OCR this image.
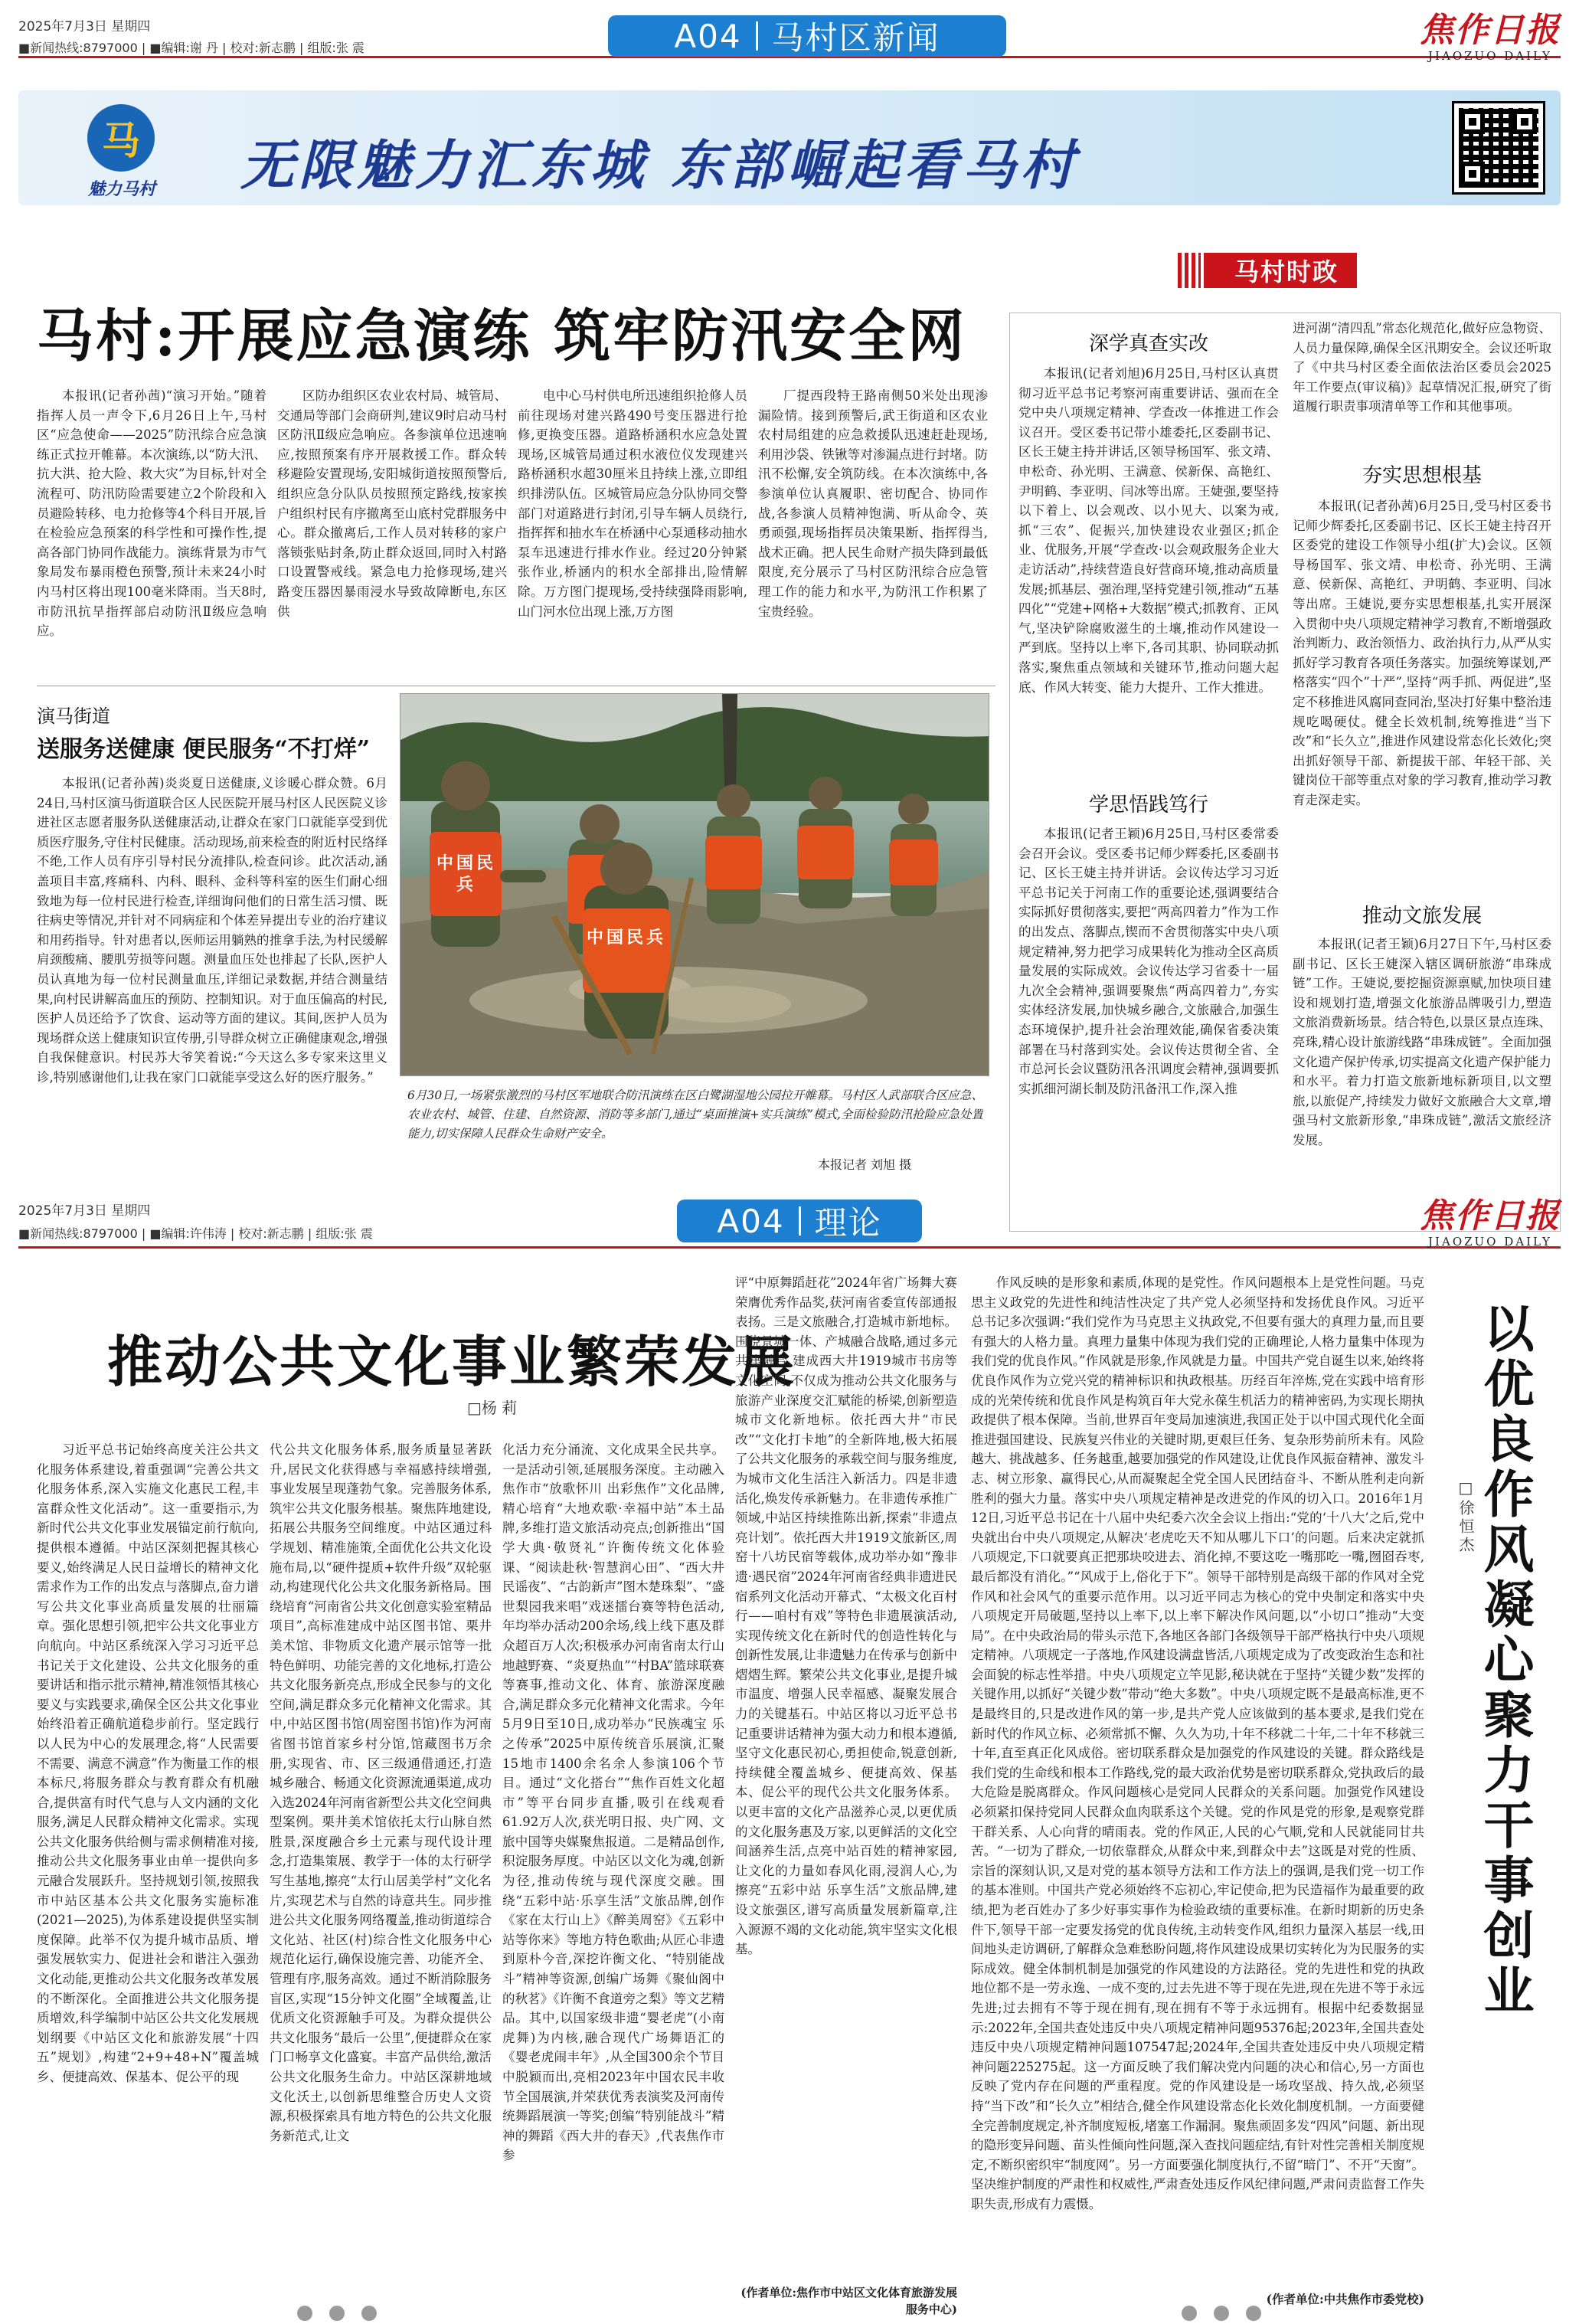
2025年7月3日 星期四
■新闻热线:8797000 | ■编辑:谢 丹 | 校对:新志鹏 | 组版:张 震	A04 马村区新闻	焦作日报
JIAOZUO DAILY
马
魅力马村	无限魅力汇东城 东部崛起看马村
马村时政
马村:开展应急演练 筑牢防汛安全网

本报讯(记者孙茜)“演习开始。”随着指挥人员一声令下,6月26日上午,马村区“应急使命——2025”防汛综合应急演练正式拉开帷幕。本次演练,以“防大汛、抗大洪、抢大险、救大灾”为目标,针对全流程可、防汛防险需要建立2个阶段和入员避险转移、电力抢修等4个科目开展,旨在检验应急预案的科学性和可操作性,提高各部门协同作战能力。演练背景为市气象局发布暴雨橙色预警,预计未来24小时内马村区将出现100毫米降雨。当天8时,市防汛抗旱指挥部启动防汛Ⅱ级应急响应。

区防办组织区农业农村局、城管局、交通局等部门会商研判,建议9时启动马村区防汛Ⅱ级应急响应。各参演单位迅速响应,按照预案有序开展救援工作。群众转移避险安置现场,安阳城街道按照预警后,组织应急分队队员按照预定路线,按家挨户组织村民有序撤离至山底村党群服务中心。群众撤离后,工作人员对转移的家户落锁张贴封条,防止群众返回,同时入村路口设置警戒线。紧急电力抢修现场,建兴路变压器因暴雨浸水导致故障断电,东区供

电中心马村供电所迅速组织抢修人员前往现场对建兴路490号变压器进行抢修,更换变压器。道路桥涵积水应急处置现场,区城管局通过积水液位仪发现建兴路桥涵积水超30厘米且持续上涨,立即组织排涝队伍。区城管局应急分队协同交警部门对道路进行封闭,引导车辆人员绕行,指挥挥和抽水车在桥涵中心泵通移动抽水泵车迅速进行排水作业。经过20分钟紧张作业,桥涵内的积水全部排出,险情解除。万方图门提现场,受持续强降雨影响,山门河水位出现上涨,万方图

厂提西段特王路南侧50米处出现渗漏险情。接到预警后,武王街道和区农业农村局组建的应急救援队迅速赶赴现场,利用沙袋、铁锹等对渗漏点进行封堵。防汛不松懈,安全筑防线。在本次演练中,各参演单位认真履职、密切配合、协同作战,各参演人员精神饱满、听从命令、英勇顽强,现场指挥员决策果断、指挥得当,战术正确。把人民生命财产损失降到最低限度,充分展示了马村区防汛综合应急管理工作的能力和水平,为防汛工作积累了宝贵经验。

演马街道
送服务送健康 便民服务“不打烊”

本报讯(记者孙茜)炎炎夏日送健康,义诊暖心群众赞。6月24日,马村区演马街道联合区人民医院开展马村区人民医院义诊进社区志愿者服务队送健康活动,让群众在家门口就能享受到优质医疗服务,守住村民健康。活动现场,前来检查的附近村民络绎不绝,工作人员有序引导村民分流排队,检查问诊。此次活动,涵盖项目丰富,疼痛科、内科、眼科、金科等科室的医生们耐心细致地为每一位村民进行检查,详细询问他们的日常生活习惯、既往病史等情况,并针对不同病症和个体差异提出专业的治疗建议和用药指导。针对患者以,医师运用躺熟的推拿手法,为村民缓解肩颈酸痛、腰肌劳损等问题。测量血压处也排起了长队,医护人员认真地为每一位村民测量血压,详细记录数据,并结合测量结果,向村民讲解高血压的预防、控制知识。对于血压偏高的村民,医护人员还给予了饮食、运动等方面的建议。其间,医护人员为现场群众送上健康知识宣传册,引导群众树立正确健康观念,增强自我保健意识。村民苏大爷笑着说:“今天这么多专家来这里义诊,特别感谢他们,让我在家门口就能享受这么好的医疗服务。”

中国民兵
中国民兵
6月30日,一场紧张激烈的马村区军地联合防汛演练在区白鹭湖湿地公园拉开帷幕。马村区人武部联合区应急、农业农村、城管、住建、自然资源、消防等多部门,通过“桌面推演+实兵演练”模式,全面检验防汛抢险应急处置能力,切实保障人民群众生命财产安全。
本报记者 刘旭 摄
深学真查实改

本报讯(记者刘旭)6月25日,马村区认真贯彻习近平总书记考察河南重要讲话、强而在全党中央八项规定精神、学查改一体推进工作会议召开。受区委书记带小雄委托,区委副书记、区长王婕主持并讲话,区领导杨国军、张文靖、申松奇、孙光明、王满意、侯新保、高艳红、尹明鹤、李亚明、闫冰等出席。王婕强,要坚持以下着上、以会观改、以小见大、以案为戒,抓“三农”、促振兴,加快建设农业强区;抓企业、优服务,开展“学查改·以会观政服务企业大走访活动”,持续营造良好营商环境,推动高质量发展;抓基层、强治理,坚持党建引领,推动“五基四化”“党建+网格+大数据”模式;抓教育、正风气,坚决铲除腐败滋生的土壤,推动作风建设一严到底。坚持以上率下,各司其职、协同联动抓落实,聚焦重点领域和关键环节,推动问题大起底、作风大转变、能力大提升、工作大推进。

学思悟践笃行

本报讯(记者王颖)6月25日,马村区委常委会召开会议。受区委书记师少辉委托,区委副书记、区长王婕主持并讲话。会议传达学习习近平总书记关于河南工作的重要论述,强调要结合实际抓好贯彻落实,要把“两高四着力”作为工作的出发点、落脚点,锲而不舍贯彻落实中央八项规定精神,努力把学习成果转化为推动全区高质量发展的实际成效。会议传达学习省委十一届九次全会精神,强调要聚焦“两高四着力”,夯实实体经济发展,加快城乡融合,文旅融合,加强生态环境保护,提升社会治理效能,确保省委决策部署在马村落到实处。会议传达贯彻全省、全市总河长会议暨防汛各汛调度会精神,强调要抓实抓细河湖长制及防汛备汛工作,深入推

进河湖“清四乱”常态化规范化,做好应急物资、人员力量保障,确保全区汛期安全。会议还听取了《中共马村区委全面依法治区委员会2025年工作要点(审议稿)》起草情况汇报,研究了街道履行职责事项清单等工作和其他事项。

夯实思想根基

本报讯(记者孙茜)6月25日,受马村区委书记师少辉委托,区委副书记、区长王婕主持召开区委党的建设工作领导小组(扩大)会议。区领导杨国军、张文靖、申松奇、孙光明、王满意、侯新保、高艳红、尹明鹤、李亚明、闫冰等出席。王婕说,要夯实思想根基,扎实开展深入贯彻中央八项规定精神学习教育,不断增强政治判断力、政治领悟力、政治执行力,从严从实抓好学习教育各项任务落实。加强统筹谋划,严格落实“四个”十严”,坚持“两手抓、两促进”,坚定不移推进风腐同查同治,坚决打好集中整治违规吃喝硬仗。健全长效机制,统筹推进“当下改”和“长久立”,推进作风建设常态化长效化;突出抓好领导干部、新提拔干部、年轻干部、关键岗位干部等重点对象的学习教育,推动学习教育走深走实。

推动文旅发展

本报讯(记者王颖)6月27日下午,马村区委副书记、区长王婕深入辖区调研旅游“串珠成链”工作。王婕说,要挖掘资源禀赋,加快项目建设和规划打造,增强文化旅游品牌吸引力,塑造文旅消费新场景。结合特色,以景区景点连珠、亮珠,精心设计旅游线路“串珠成链”。全面加强文化遗产保护传承,切实提高文化遗产保护能力和水平。着力打造文旅新地标新项目,以文塑旅,以旅促产,持续发力做好文旅融合大文章,增强马村文旅新形象,“串珠成链”,激活文旅经济发展。

2025年7月3日 星期四
■新闻热线:8797000 | ■编辑:许伟涛 | 校对:新志鹏 | 组版:张 震	A04 理论	焦作日报
JIAOZUO DAILY
推动公共文化事业繁荣发展
□杨 莉

习近平总书记始终高度关注公共文化服务体系建设,着重强调“完善公共文化服务体系,深入实施文化惠民工程,丰富群众性文化活动”。这一重要指示,为新时代公共文化事业发展锚定前行航向,提供根本遵循。中站区深刻把握其核心要义,始终满足人民日益增长的精神文化需求作为工作的出发点与落脚点,奋力谱写公共文化事业高质量发展的壮丽篇章。强化思想引领,把牢公共文化事业方向航向。中站区系统深入学习习近平总书记关于文化建设、公共文化服务的重要讲话和指示批示精神,精准领悟其核心要义与实践要求,确保全区公共文化事业始终沿着正确航道稳步前行。坚定践行以人民为中心的发展理念,将“人民需要不需要、满意不满意”作为衡量工作的根本标尺,将服务群众与教育群众有机融合,提供富有时代气息与人文内涵的文化服务,满足人民群众精神文化需求。实现公共文化服务供给侧与需求侧精准对接,推动公共文化服务事业由单一提供向多元融合发展跃升。坚持规划引领,按照我市中站区基本公共文化服务实施标准(2021—2025),为体系建设提供坚实制度保障。此举不仅为提升城市品质、增强发展软实力、促进社会和谐注入强劲文化动能,更推动公共文化服务改革发展的不断深化。全面推进公共文化服务提质增效,科学编制中站区公共文化发展规划纲要《中站区文化和旅游发展“十四五”规划》,构建“2+9+48+N”覆盖城乡、便捷高效、保基本、促公平的现

代公共文化服务体系,服务质量显著跃升,居民文化获得感与幸福感持续增强,事业发展呈现蓬勃气象。完善服务体系,筑牢公共文化服务根基。聚焦阵地建设,拓展公共服务空间维度。中站区通过科学规划、精准施策,全面优化公共文化设施布局,以“硬件提质+软件升级”双轮驱动,构建现代化公共文化服务新格局。围绕培育“河南省公共文化创意实验室精品项目”,高标准建成中站区图书馆、栗井美术馆、非物质文化遗产展示馆等一批特色鲜明、功能完善的文化地标,打造公共文化服务新亮点,形成全民参与的文化空间,满足群众多元化精神文化需求。其中,中站区图书馆(周窑图书馆)作为河南省图书馆首家乡村分馆,馆藏图书万余册,实现省、市、区三级通借通还,打造城乡融合、畅通文化资源流通渠道,成功入选2024年河南省新型公共文化空间典型案例。栗井美术馆依托太行山脉自然胜景,深度融合乡土元素与现代设计理念,打造集策展、教学于一体的太行研学写生基地,擦亮“太行山居美学村”文化名片,实现艺术与自然的诗意共生。同步推进公共文化服务网络覆盖,推动街道综合文化站、社区(村)综合性文化服务中心规范化运行,确保设施完善、功能齐全、管理有序,服务高效。通过不断消除服务盲区,实现“15分钟文化圈”全域覆盖,让优质文化资源触手可及。为群众提供公共文化服务“最后一公里”,便捷群众在家门口畅享文化盛宴。丰富产品供给,激活公共文化服务生命力。中站区深耕地域文化沃土,以创新思维整合历史人文资源,积极探索具有地方特色的公共文化服务新范式,让文

化活力充分涌流、文化成果全民共享。一是活动引领,延展服务深度。主动融入焦作市“放歌怀川 出彩焦作”文化品牌,精心培育“大地欢歌·幸福中站”本土品牌,多维打造文旅活动亮点;创新推出“国学大典·敬贤礼”许衡传统文化体验课、“阅读赴秋·智慧润心田”、“西大井民谣夜”、“古韵新声”图木楚珠梨”、“盛世梨园我来唱”戏迷擂台赛等特色活动,年均举办活动200余场,线上线下惠及群众超百万人次;积极承办河南省南太行山地越野赛、“炎夏热血”“村BA”篮球联赛等赛事,推动文化、体育、旅游深度融合,满足群众多元化精神文化需求。今年5月9日至10日,成功举办“民族魂宝 乐之传承”2025中原传统音乐展演,汇聚15地市1400余名余人参演106个节目。通过“文化搭台”“焦作百姓文化超市”等平台同步直播,吸引在线观看61.92万人次,获光明日报、央广网、文旅中国等央媒聚焦报道。二是精品创作,积淀服务厚度。中站区以文化为魂,创新为径,推动传统与现代深度交融。围绕“五彩中站·乐享生活”文旅品牌,创作《家在太行山上》《醉美周窑》《五彩中站等你来》等地方特色歌曲;从匠心非遗到原朴今音,深挖许衡文化、“特别能战斗”精神等资源,创编广场舞《聚仙阁中的秋茗》《许衡不食道旁之梨》等文艺精品。其中,以国家级非遗“婴老虎”(小南虎舞)为内核,融合现代广场舞语汇的《婴老虎闹丰年》,从全国300余个节目中脱颖而出,亮相2023年中国农民丰收节全国展演,并荣获优秀表演奖及河南传统舞蹈展演一等奖;创编“特别能战斗”精神的舞蹈《西大井的春天》,代表焦作市参

评“中原舞蹈赶花”2024年省广场舞大赛荣膺优秀作品奖,获河南省委宣传部通报表扬。三是文旅融合,打造城市新地标。围绕景城一体、产城融合战略,通过多元共建融合,建成西大井1919城市书房等文化空间,不仅成为推动公共文化服务与旅游产业深度交汇赋能的桥梁,创新塑造城市文化新地标。依托西大井“市民改”“文化打卡地”的全新阵地,极大拓展了公共文化服务的承载空间与服务维度,为城市文化生活注入新活力。四是非遗活化,焕发传承新魅力。在非遗传承推广领域,中站区持续推陈出新,探索“非遗点亮计划”。依托西大井1919文旅新区,周窑十八坊民宿等载体,成功举办如“豫非遗·遇民宿”2024年河南省经典非遗进民宿系列文化活动开幕式、“太极文化百村行——咱村有戏”等特色非遗展演活动,实现传统文化在新时代的创造性转化与创新性发展,让非遗魅力在传承与创新中熠熠生辉。繁荣公共文化事业,是提升城市温度、增强人民幸福感、凝聚发展合力的关键基石。中站区将以习近平总书记重要讲话精神为强大动力和根本遵循,坚守文化惠民初心,勇担使命,锐意创新,持续健全覆盖城乡、便捷高效、保基本、促公平的现代公共文化服务体系。以更丰富的文化产品滋养心灵,以更优质的文化服务惠及万家,以更鲜活的文化空间涵养生活,点亮中站百姓的精神家园,让文化的力量如春风化雨,浸润人心,为擦亮“五彩中站 乐享生活”文旅品牌,建设文旅强区,谱写高质量发展新篇章,注入源源不竭的文化动能,筑牢坚实文化根基。

(作者单位:焦作市中站区文化体育旅游发展服务中心)

作风反映的是形象和素质,体现的是党性。作风问题根本上是党性问题。马克思主义政党的先进性和纯洁性决定了共产党人必须坚持和发扬优良作风。习近平总书记多次强调:“我们党作为马克思主义执政党,不但要有强大的真理力量,而且要有强大的人格力量。真理力量集中体现为我们党的正确理论,人格力量集中体现为我们党的优良作风。”作风就是形象,作风就是力量。中国共产党自诞生以来,始终将优良作风作为立党兴党的精神标识和执政根基。历经百年淬炼,党在实践中培育形成的光荣传统和优良作风是构筑百年大党永葆生机活力的精神密码,为实现长期执政提供了根本保障。当前,世界百年变局加速演进,我国正处于以中国式现代化全面推进强国建设、民族复兴伟业的关键时期,更艰巨任务、复杂形势前所未有。风险越大、挑战越多、任务越重,越要加强党的作风建设,让优良作风振奋精神、激发斗志、树立形象、赢得民心,从而凝聚起全党全国人民团结奋斗、不断从胜利走向新胜利的强大力量。落实中央八项规定精神是改进党的作风的切入口。2016年1月12日,习近平总书记在十八届中央纪委六次全会议上指出:“党的‘十八大’之后,党中央就出台中央八项规定,从解决‘老虎吃天不知从哪儿下口’的问题。后来决定就抓八项规定,下口就要真正把那块咬进去、消化掉,不要这吃一嘴那吃一嘴,囫囵吞枣,最后都没有消化。”“风成于上,俗化于下”。领导干部特别是高级干部的作风对全党作风和社会风气的重要示范作用。以习近平同志为核心的党中央制定和落实中央八项规定开局破题,坚持以上率下,以上率下解决作风问题,以“小切口”推动“大变局”。在中央政治局的带头示范下,各地区各部门各级领导干部严格执行中央八项规定精神。八项规定一子落地,作风建设满盘皆活,八项规定成为了改变政治生态和社会面貌的标志性举措。中央八项规定立竿见影,秘诀就在于坚持“关键少数”发挥的关键作用,以抓好“关键少数”带动“绝大多数”。中央八项规定既不是最高标准,更不是最终目的,只是改进作风的第一步,是共产党人应该做到的基本要求,是我们党在新时代的作风立标、必须常抓不懈、久久为功,十年不移就二十年,二十年不移就三十年,直至真正化风成俗。密切联系群众是加强党的作风建设的关键。群众路线是我们党的生命线和根本工作路线,党的最大政治优势是密切联系群众,党执政后的最大危险是脱离群众。作风问题核心是党同人民群众的关系问题。加强党作风建设必须紧扣保持党同人民群众血肉联系这个关键。党的作风是党的形象,是观察党群干群关系、人心向背的晴雨表。党的作风正,人民的心气顺,党和人民就能同甘共苦。“一切为了群众,一切依靠群众,从群众中来,到群众中去”这既是对党的性质、宗旨的深刻认识,又是对党的基本领导方法和工作方法上的强调,是我们党一切工作的基本准则。中国共产党必须始终不忘初心,牢记使命,把为民造福作为最重要的政绩,把为老百姓办了多少好事实事作为检验政绩的重要标准。在新时期新的历史条件下,领导干部一定要发扬党的优良传统,主动转变作风,组织力量深入基层一线,田间地头走访调研,了解群众急难愁盼问题,将作风建设成果切实转化为为民服务的实际成效。健全体制机制是加强党的作风建设的方法路径。党的先进性和党的执政地位都不是一劳永逸、一成不变的,过去先进不等于现在先进,现在先进不等于永远先进;过去拥有不等于现在拥有,现在拥有不等于永远拥有。根据中纪委数据显示:2022年,全国共查处违反中央八项规定精神问题95376起;2023年,全国共查处违反中央八项规定精神问题107547起;2024年,全国共查处违反中央八项规定精神问题225275起。这一方面反映了我们解决党内问题的决心和信心,另一方面也反映了党内存在问题的严重程度。党的作风建设是一场攻坚战、持久战,必须坚持“当下改”和“长久立”相结合,健全作风建设常态化长效化制度机制。一方面要健全完善制度规定,补齐制度短板,堵塞工作漏洞。聚焦顽固多发“四风”问题、新出现的隐形变异问题、苗头性倾向性问题,深入查找问题症结,有针对性完善相关制度规定,不断织密织牢“制度网”。另一方面要强化制度执行,不留“暗门”、不开“天窗”。坚决维护制度的严肃性和权威性,严肃查处违反作风纪律问题,严肃问责监督工作失职失责,形成有力震慑。

(作者单位:中共焦作市委党校)
以优良作风凝心聚力干事创业
□徐恒杰
